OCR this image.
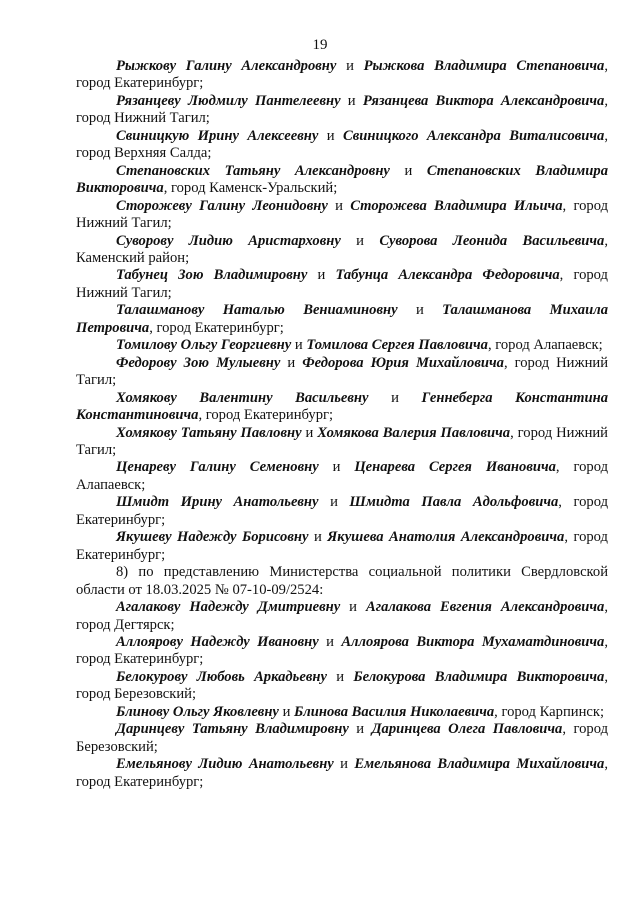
19

Рыжкову Галину Александровну и Рыжкова Владимира Степановича, город Екатеринбург;

Рязанцеву Людмилу Пантелеевну и Рязанцева Виктора Александровича, город Нижний Тагил;

Свиницкую Ирину Алексеевну и Свиницкого Александра Виталисовича, город Верхняя Салда;

Степановских Татьяну Александровну и Степановских Владимира Викторовича, город Каменск-Уральский;

Сторожеву Галину Леонидовну и Сторожева Владимира Ильича, город Нижний Тагил;

Суворову Лидию Аристарховну и Суворова Леонида Васильевича, Каменский район;

Табунец Зою Владимировну и Табунца Александра Федоровича, город Нижний Тагил;

Талашманову Наталью Вениаминовну и Талашманова Михаила Петровича, город Екатеринбург;

Томилову Ольгу Георгиевну и Томилова Сергея Павловича, город Алапаевск;

Федорову Зою Мулыевну и Федорова Юрия Михайловича, город Нижний Тагил;

Хомякову Валентину Васильевну и Геннеберга Константина Константиновича, город Екатеринбург;

Хомякову Татьяну Павловну и Хомякова Валерия Павловича, город Нижний Тагил;

Ценареву Галину Семеновну и Ценарева Сергея Ивановича, город Алапаевск;

Шмидт Ирину Анатольевну и Шмидта Павла Адольфовича, город Екатеринбург;

Якушеву Надежду Борисовну и Якушева Анатолия Александровича, город Екатеринбург;

8) по представлению Министерства социальной политики Свердловской области от 18.03.2025 № 07-10-09/2524:

Агалакову Надежду Дмитриевну и Агалакова Евгения Александровича, город Дегтярск;

Аллоярову Надежду Ивановну и Аллоярова Виктора Мухаматдиновича, город Екатеринбург;

Белокурову Любовь Аркадьевну и Белокурова Владимира Викторовича, город Березовский;

Блинову Ольгу Яковлевну и Блинова Василия Николаевича, город Карпинск;

Даринцеву Татьяну Владимировну и Даринцева Олега Павловича, город Березовский;

Емельянову Лидию Анатольевну и Емельянова Владимира Михайловича, город Екатеринбург;
